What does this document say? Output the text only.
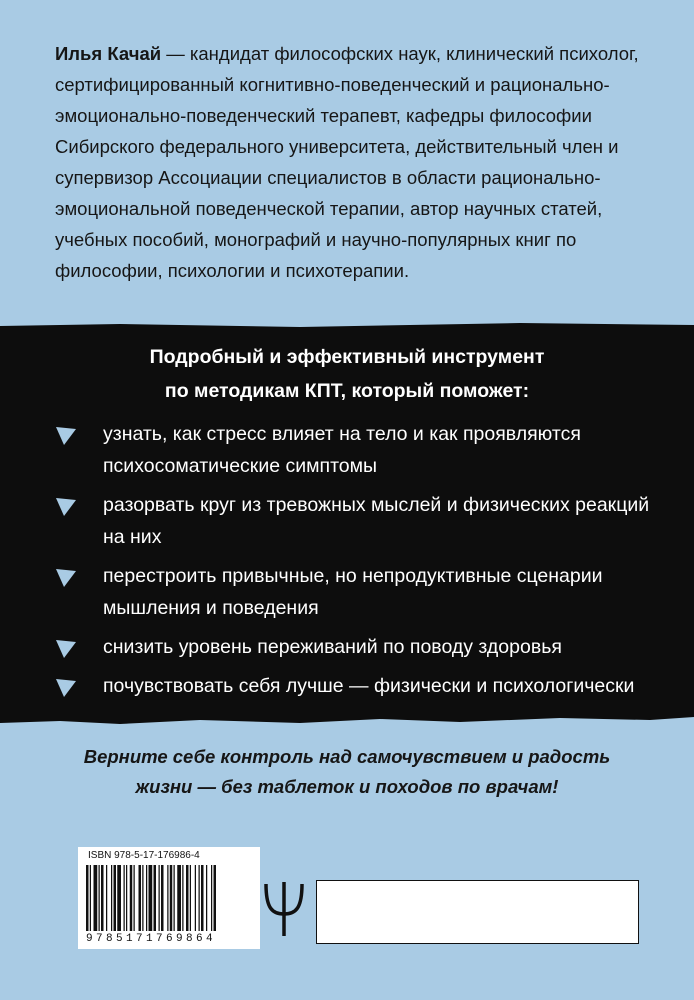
Илья Качай — кандидат философских наук, клинический психолог, сертифицированный когнитивно-поведенческий и рационально-эмоционально-поведенческий терапевт, кафедры философии Сибирского федерального университета, действительный член и супервизор Ассоциации специалистов в области рационально-эмоциональной поведенческой терапии, автор научных статей, учебных пособий, монографий и научно-популярных книг по философии, психологии и психотерапии.
Подробный и эффективный инструмент
по методикам КПТ, который поможет:
узнать, как стресс влияет на тело и как проявляются психосоматические симптомы
разорвать круг из тревожных мыслей и физических реакций на них
перестроить привычные, но непродуктивные сценарии мышления и поведения
снизить уровень переживаний по поводу здоровья
почувствовать себя лучше — физически и психологически
Верните себе контроль над самочувствием и радость
жизни — без таблеток и походов по врачам!
ISBN 978-5-17-176986-4
9785171769864
